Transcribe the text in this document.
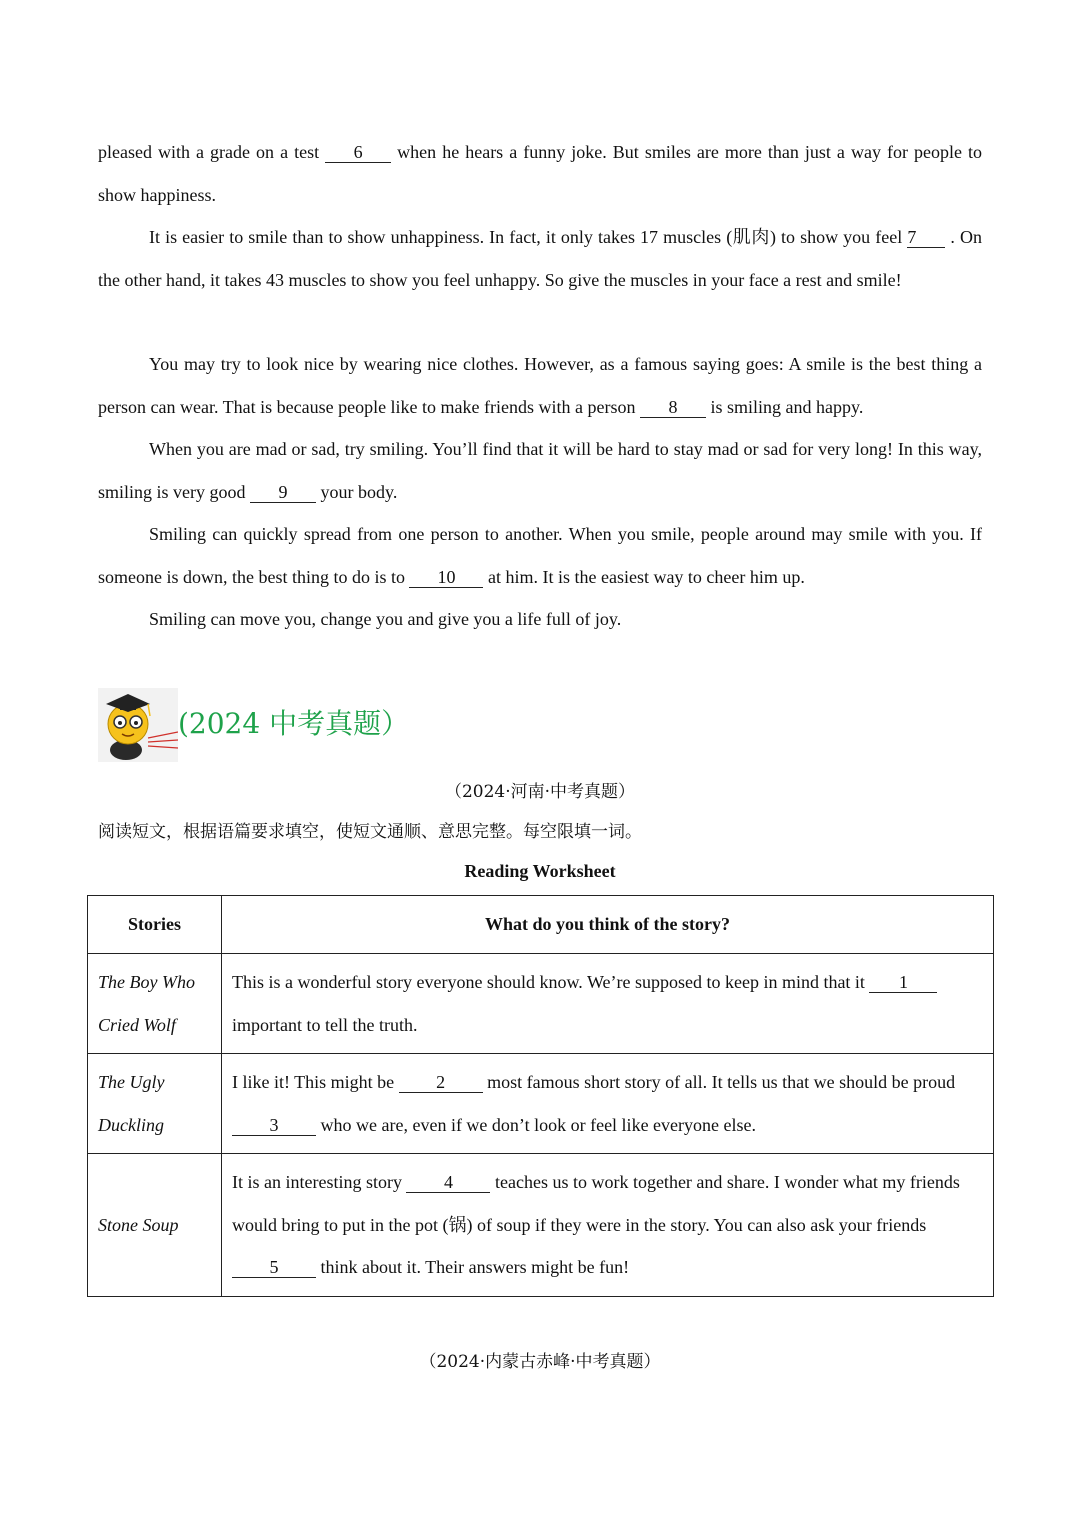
pleased with a grade on a test 6 when he hears a funny joke. But smiles are more than just a way for people to show happiness.

It is easier to smile than to show unhappiness. In fact, it only takes 17 muscles (肌肉) to show you feel 7 . On the other hand, it takes 43 muscles to show you feel unhappy. So give the muscles in your face a rest and smile!

You may try to look nice by wearing nice clothes. However, as a famous saying goes: A smile is the best thing a person can wear. That is because people like to make friends with a person 8 is smiling and happy.

When you are mad or sad, try smiling. You’ll find that it will be hard to stay mad or sad for very long! In this way, smiling is very good 9 your body.

Smiling can quickly spread from one person to another. When you smile, people around may smile with you. If someone is down, the best thing to do is to 10 at him. It is the easiest way to cheer him up.

Smiling can move you, change you and give you a life full of joy.

(2024 中考真题）
（2024·河南·中考真题）
阅读短文，根据语篇要求填空，使短文通顺、意思完整。每空限填一词。
Reading Worksheet
Stories	What do you think of the story?
The Boy Who Cried Wolf	This is a wonderful story everyone should know. We’re supposed to keep in mind that it 1 important to tell the truth.
The Ugly Duckling	I like it! This might be 2 most famous short story of all. It tells us that we should be proud 3 who we are, even if we don’t look or feel like everyone else.
Stone Soup	It is an interesting story 4 teaches us to work together and share. I wonder what my friends would bring to put in the pot (锅) of soup if they were in the story. You can also ask your friends 5 think about it. Their answers might be fun!
（2024·内蒙古赤峰·中考真题）
